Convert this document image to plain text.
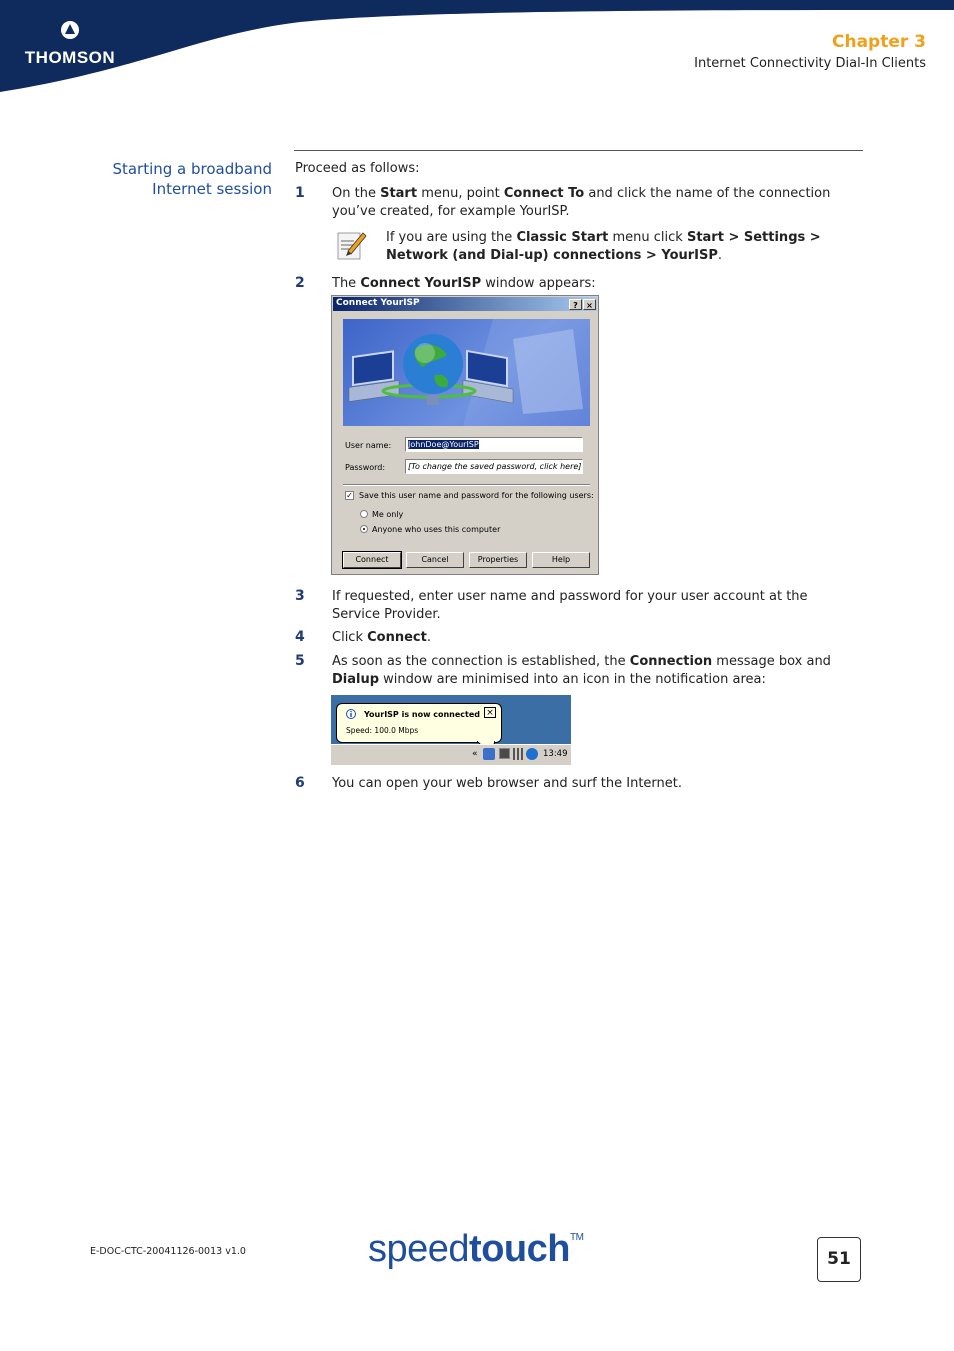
THOMSON
Chapter 3
Internet Connectivity Dial-In Clients
Starting a broadband
Internet session
Proceed as follows:
1 On the Start menu, point Connect To and click the name of the connection you’ve created, for example YourISP.
If you are using the Classic Start menu click Start > Settings >
Network (and Dial-up) connections > YourISP.
2 The Connect YourISP window appears:
Connect YourISP	?	×
User name:	JohnDoe@YourISP
Password:	[To change the saved password, click here]
✓ Save this user name and password for the following users:
Me only
Anyone who uses this computer
Connect	Cancel	Properties	Help
3 If requested, enter user name and password for your user account at the Service Provider.
4 Click Connect.
5 As soon as the connection is established, the Connection message box and Dialup window are minimised into an icon in the notification area:
YourISP is now connected ×
Speed: 100.0 Mbps
«	13:49
6 You can open your web browser and surf the Internet.
E-DOC-CTC-20041126-0013 v1.0	speedtouch™
51
